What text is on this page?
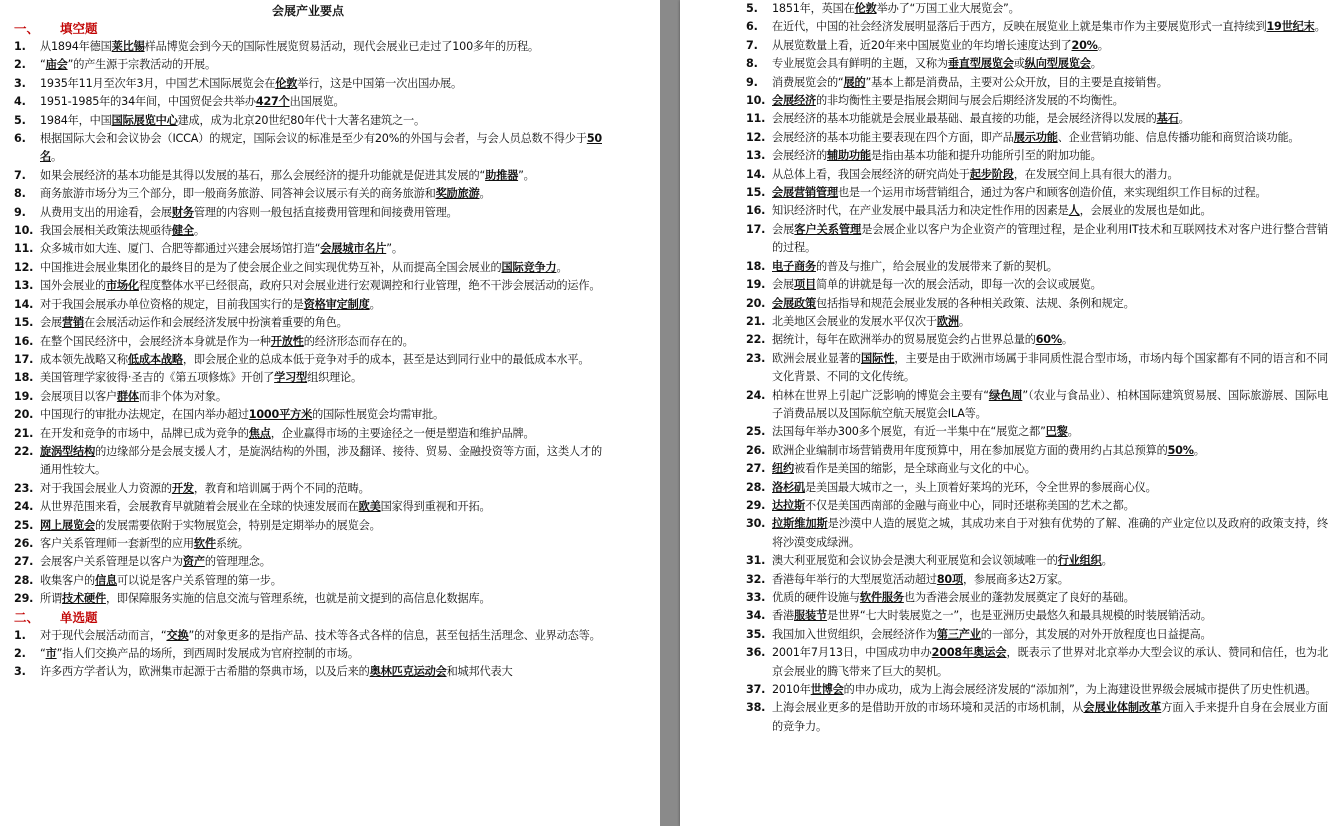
会展产业要点
一、	填空题
1.	从1894年德国莱比锡样品博览会到今天的国际性展览贸易活动，现代会展业已走过了100多年的历程。
2.	“庙会”的产生源于宗教活动的开展。
3.	1935年11月至次年3月，中国艺术国际展览会在伦敦举行，这是中国第一次出国办展。
4.	1951-1985年的34年间，中国贸促会共举办427个出国展览。
5.	1984年，中国国际展览中心建成，成为北京20世纪80年代十大著名建筑之一。
6.	根据国际大会和会议协会（ICCA）的规定，国际会议的标准是至少有20%的外国与会者，与会人员总数不得少于50名。
7.	如果会展经济的基本功能是其得以发展的基石，那么会展经济的提升功能就是促进其发展的“助推器”。
8.	商务旅游市场分为三个部分，即一般商务旅游、同答神会议展示有关的商务旅游和奖励旅游。
9.	从费用支出的用途看，会展财务管理的内容则一般包括直接费用管理和间接费用管理。
10. 我国会展相关政策法规亟待健全。
11. 众多城市如大连、厦门、合肥等都通过兴建会展场馆打造“会展城市名片”。
12. 中国推进会展业集团化的最终目的是为了使会展企业之间实现优势互补，从而提高全国会展业的国际竞争力。
13. 国外会展业的市场化程度整体水平已经很高，政府只对会展业进行宏观调控和行业管理，绝不干涉会展活动的运作。
14. 对于我国会展承办单位资格的规定，目前我国实行的是资格审定制度。
15. 会展营销在会展活动运作和会展经济发展中扮演着重要的角色。
16. 在整个国民经济中，会展经济本身就是作为一种开放性的经济形态而存在的。
17. 成本领先战略又称低成本战略，即会展企业的总成本低于竞争对手的成本，甚至是达到同行业中的最低成本水平。
18. 美国管理学家彼得·圣吉的《第五项修炼》开创了学习型组织理论。
19. 会展项目以客户群体而非个体为对象。
20. 中国现行的审批办法规定，在国内举办超过1000平方米的国际性展览会均需审批。
21. 在开发和竞争的市场中，品牌已成为竞争的焦点，企业赢得市场的主要途径之一便是塑造和维护品牌。
22. 旋涡型结构的边缘部分是会展支援人才，是旋涡结构的外围，涉及翻译、接待、贸易、金融投资等方面，这类人才的通用性较大。
23. 对于我国会展业人力资源的开发，教育和培训属于两个不同的范畴。
24. 从世界范围来看，会展教育早就随着会展业在全球的快速发展而在欧美国家得到重视和开拓。
25. 网上展览会的发展需要依附于实物展览会，特别是定期举办的展览会。
26. 客户关系管理师一套新型的应用软件系统。
27. 会展客户关系管理是以客户为资产的管理理念。
28. 收集客户的信息可以说是客户关系管理的第一步。
29. 所谓技术硬件，即保障服务实施的信息交流与管理系统，也就是前文提到的高信息化数据库。
二、	单选题
1.	对于现代会展活动而言，“交换”的对象更多的是指产品、技术等各式各样的信息，甚至包括生活理念、业界动态等。
2.	“市”指人们交换产品的场所，到西周时发展成为官府控制的市场。
3.	许多西方学者认为，欧洲集市起源于古希腊的祭典市场，以及后来的奥林匹克运动会和城邦代表大
5.	1851年，英国在伦敦举办了“万国工业大展览会”。
6.	在近代，中国的社会经济发展明显落后于西方，反映在展览业上就是集市作为主要展览形式一直持续到19世纪末。
7.	从展览数量上看，近20年来中国展览业的年均增长速度达到了20%。
8.	专业展览会具有鲜明的主题，又称为垂直型展览会或纵向型展览会。
9.	消费展览会的“展的”基本上都是消费品，主要对公众开放，目的主要是直接销售。
10. 会展经济的非均衡性主要是指展会期间与展会后期经济发展的不均衡性。
11. 会展经济的基本功能就是会展业最基础、最直接的功能，是会展经济得以发展的基石。
12. 会展经济的基本功能主要表现在四个方面，即产品展示功能、企业营销功能、信息传播功能和商贸洽谈功能。
13. 会展经济的辅助功能是指由基本功能和提升功能所引至的附加功能。
14. 从总体上看，我国会展经济的研究尚处于起步阶段，在发展空间上具有很大的潜力。
15. 会展营销管理也是一个运用市场营销组合，通过为客户和顾客创造价值，来实现组织工作目标的过程。
16. 知识经济时代，在产业发展中最具活力和决定性作用的因素是人，会展业的发展也是如此。
17. 会展客户关系管理是会展企业以客户为企业资产的管理过程，是企业利用IT技术和互联网技术对客户进行整合营销的过程。
18. 电子商务的普及与推广，给会展业的发展带来了新的契机。
19. 会展项目简单的讲就是每一次的展会活动，即每一次的会议或展览。
20. 会展政策包括指导和规范会展业发展的各种相关政策、法规、条例和规定。
21. 北美地区会展业的发展水平仅次于欧洲。
22. 据统计，每年在欧洲举办的贸易展览会约占世界总量的60%。
23. 欧洲会展业显著的国际性，主要是由于欧洲市场属于非同质性混合型市场，市场内每个国家都有不同的语言和不同文化背景、不同的文化传统。
24. 柏林在世界上引起广泛影响的博览会主要有“绿色周”（农业与食品业）、柏林国际建筑贸易展、国际旅游展、国际电子消费品展以及国际航空航天展览会ILA等。
25. 法国每年举办300多个展览，有近一半集中在“展览之都”巴黎。
26. 欧洲企业编制市场营销费用年度预算中，用在参加展览方面的费用约占其总预算的50%。
27. 纽约被看作是美国的缩影，是全球商业与文化的中心。
28. 洛杉矶是美国最大城市之一，头上顶着好莱坞的光环，令全世界的参展商心仪。
29. 达拉斯不仅是美国西南部的金融与商业中心，同时还堪称美国的艺术之都。
30. 拉斯维加斯是沙漠中人造的展览之城，其成功来自于对独有优势的了解、准确的产业定位以及政府的政策支持，终将沙漠变成绿洲。
31. 澳大利亚展览和会议协会是澳大利亚展览和会议领域唯一的行业组织。
32. 香港每年举行的大型展览活动超过80项，参展商多达2万家。
33. 优质的硬件设施与软件服务也为香港会展业的蓬勃发展奠定了良好的基础。
34. 香港服装节是世界“七大时装展览之一”，也是亚洲历史最悠久和最具规模的时装展销活动。
35. 我国加入世贸组织，会展经济作为第三产业的一部分，其发展的对外开放程度也日益提高。
36. 2001年7月13日，中国成功申办2008年奥运会，既表示了世界对北京举办大型会议的承认、赞同和信任，也为北京会展业的腾飞带来了巨大的契机。
37. 2010年世博会的申办成功，成为上海会展经济发展的“添加剂”，为上海建设世界级会展城市提供了历史性机遇。
38. 上海会展业更多的是借助开放的市场环境和灵活的市场机制，从会展业体制改革方面入手来提升自身在会展业方面的竞争力。
